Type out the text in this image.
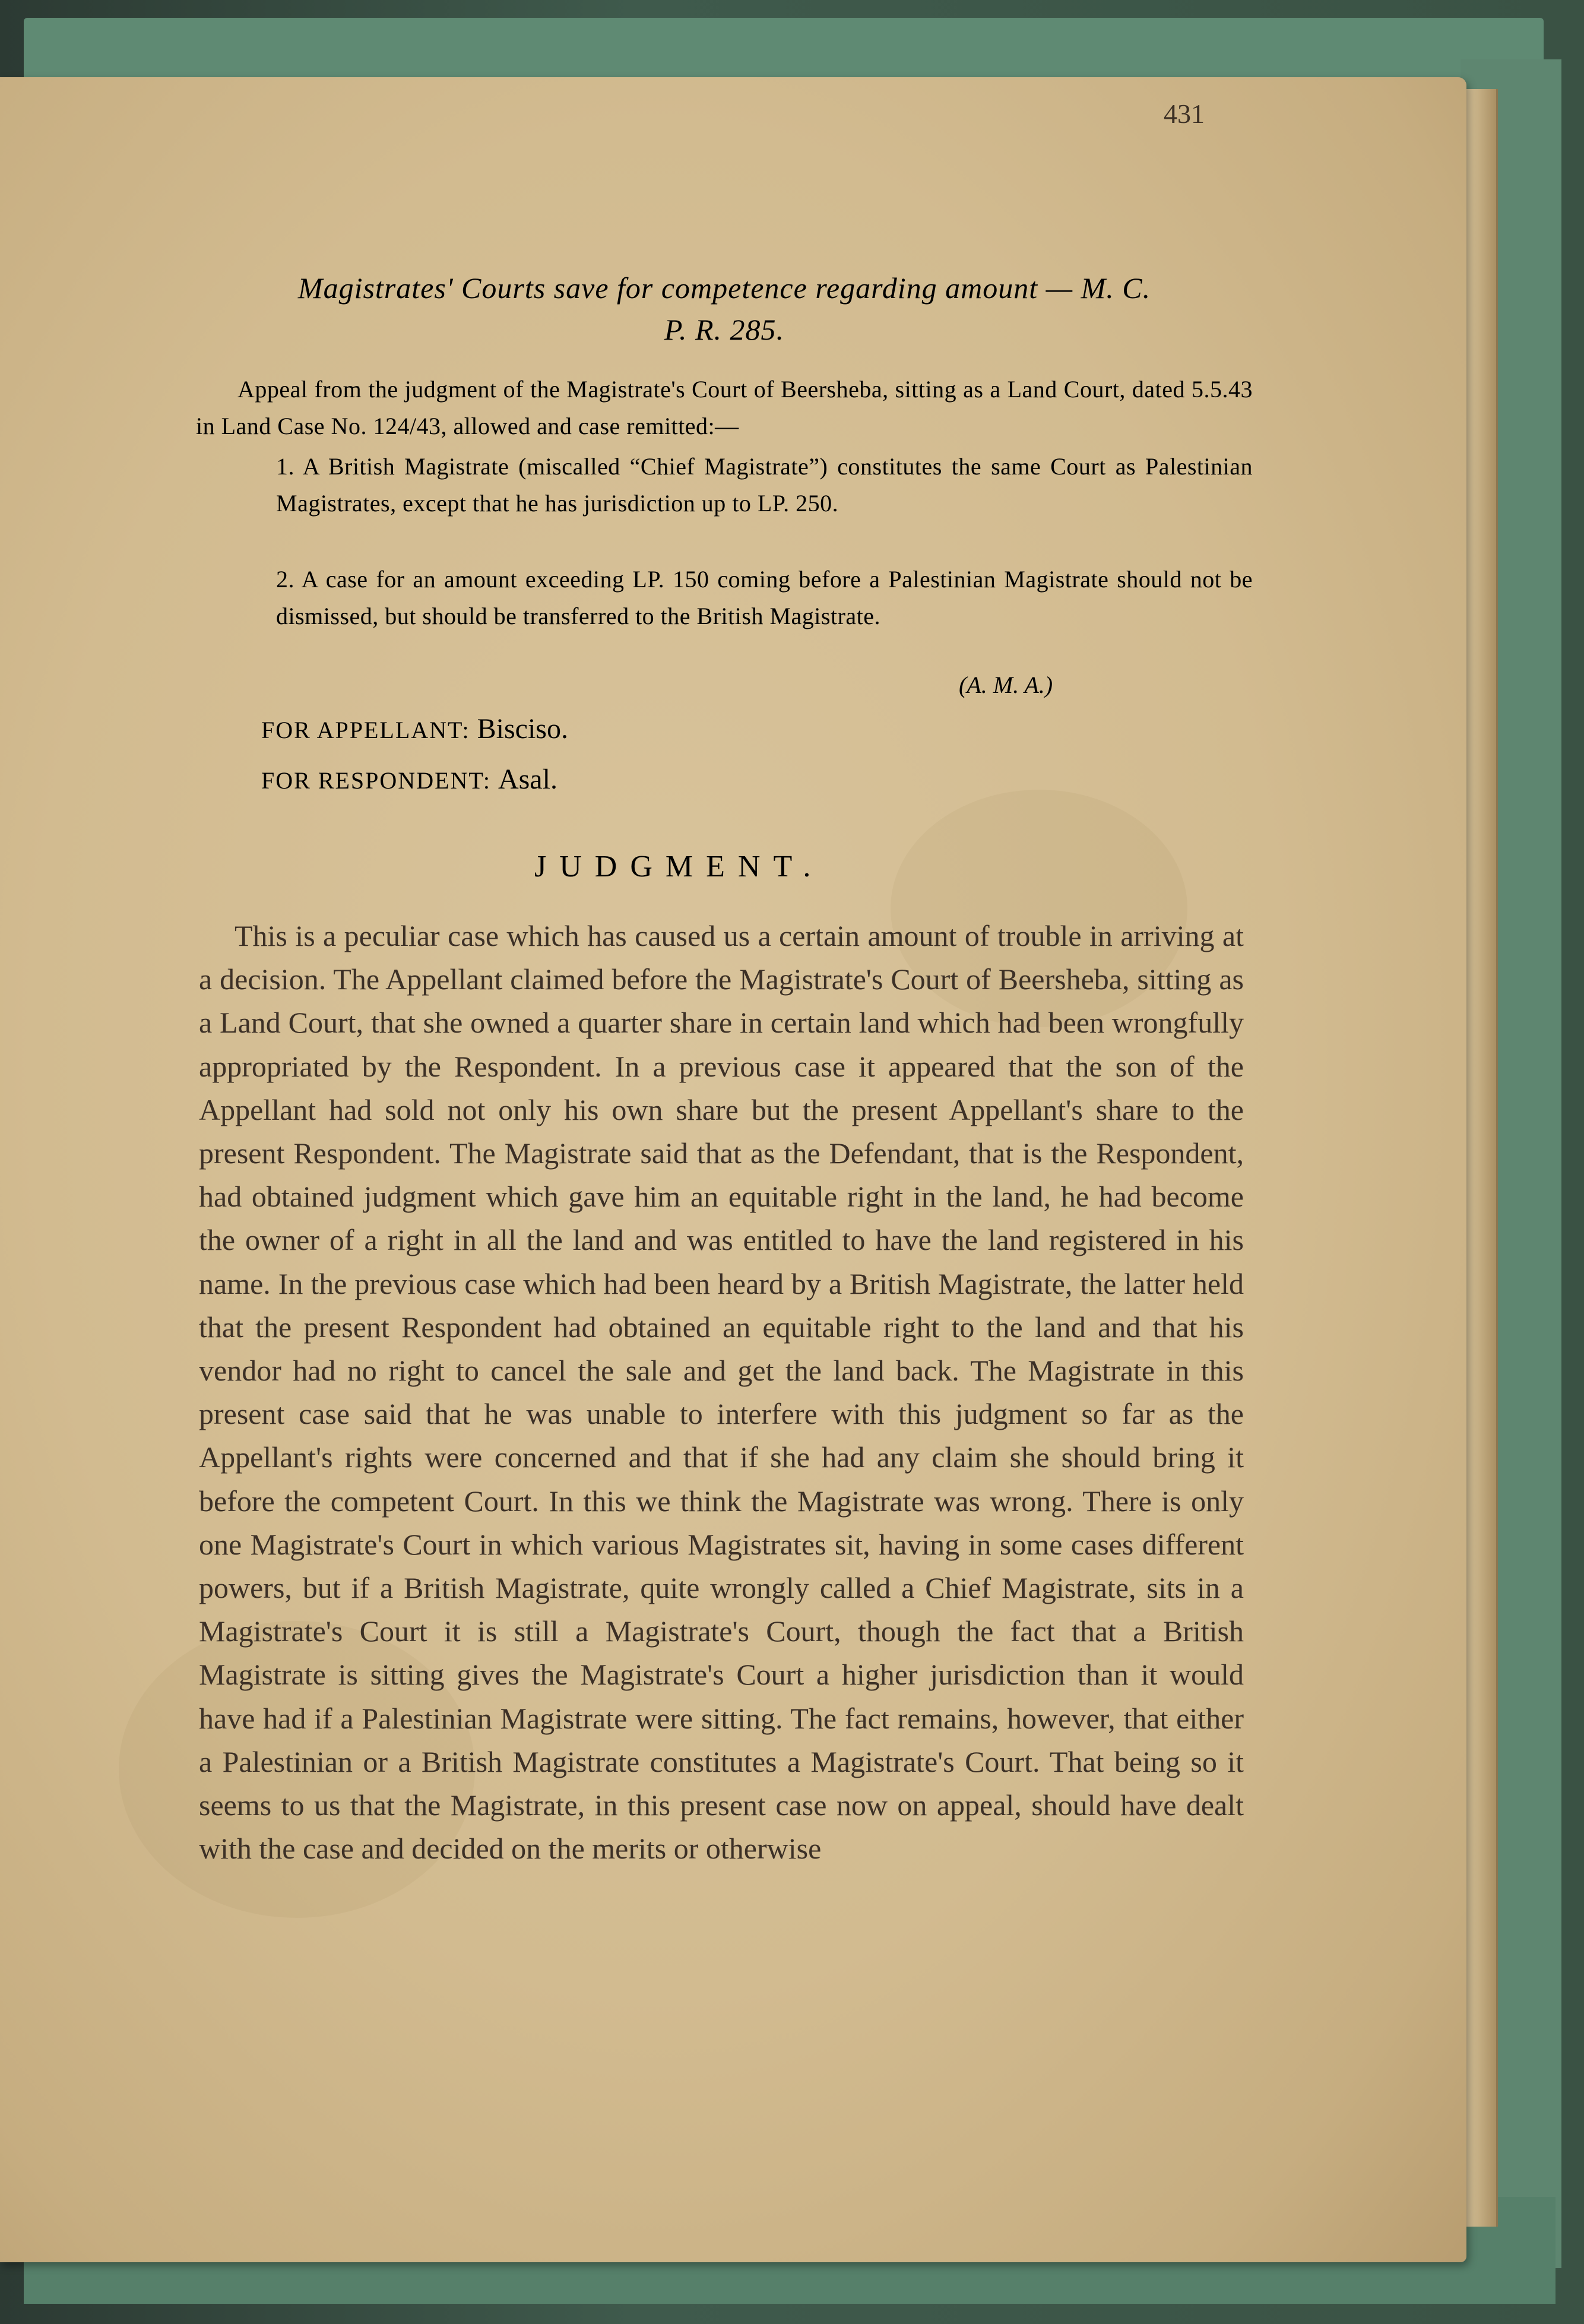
431
Magistrates' Courts save for competence regarding amount — M. C.
P. R. 285.
Appeal from the judgment of the Magistrate's Court of Beersheba, sitting as a Land Court, dated 5.5.43 in Land Case No. 124/43, allowed and case remitted:—
1. A British Magistrate (miscalled “Chief Magistrate”) constitutes the same Court as Palestinian Magistrates, except that he has jurisdiction up to LP. 250.
2. A case for an amount exceeding LP. 150 coming before a Palestinian Magistrate should not be dismissed, but should be transferred to the British Magistrate.
(A. M. A.)
FOR APPELLANT: Bisciso.
FOR RESPONDENT: Asal.
JUDGMENT.
This is a peculiar case which has caused us a certain amount of trouble in arriving at a decision. The Appellant claimed before the Magistrate's Court of Beersheba, sitting as a Land Court, that she owned a quarter share in certain land which had been wrongfully appropriated by the Respondent. In a previous case it appeared that the son of the Appellant had sold not only his own share but the present Appellant's share to the present Respondent. The Magistrate said that as the Defendant, that is the Respondent, had obtained judgment which gave him an equitable right in the land, he had become the owner of a right in all the land and was entitled to have the land registered in his name. In the previous case which had been heard by a British Magistrate, the latter held that the present Respondent had obtained an equitable right to the land and that his vendor had no right to cancel the sale and get the land back. The Magistrate in this present case said that he was unable to interfere with this judgment so far as the Appellant's rights were concerned and that if she had any claim she should bring it before the competent Court. In this we think the Magistrate was wrong. There is only one Magistrate's Court in which various Magistrates sit, having in some cases different powers, but if a British Magistrate, quite wrongly called a Chief Magistrate, sits in a Magistrate's Court it is still a Magistrate's Court, though the fact that a British Magistrate is sitting gives the Magistrate's Court a higher jurisdiction than it would have had if a Palestinian Magistrate were sitting. The fact remains, however, that either a Palestinian or a British Magistrate constitutes a Magistrate's Court. That being so it seems to us that the Magistrate, in this present case now on appeal, should have dealt with the case and decided on the merits or otherwise
